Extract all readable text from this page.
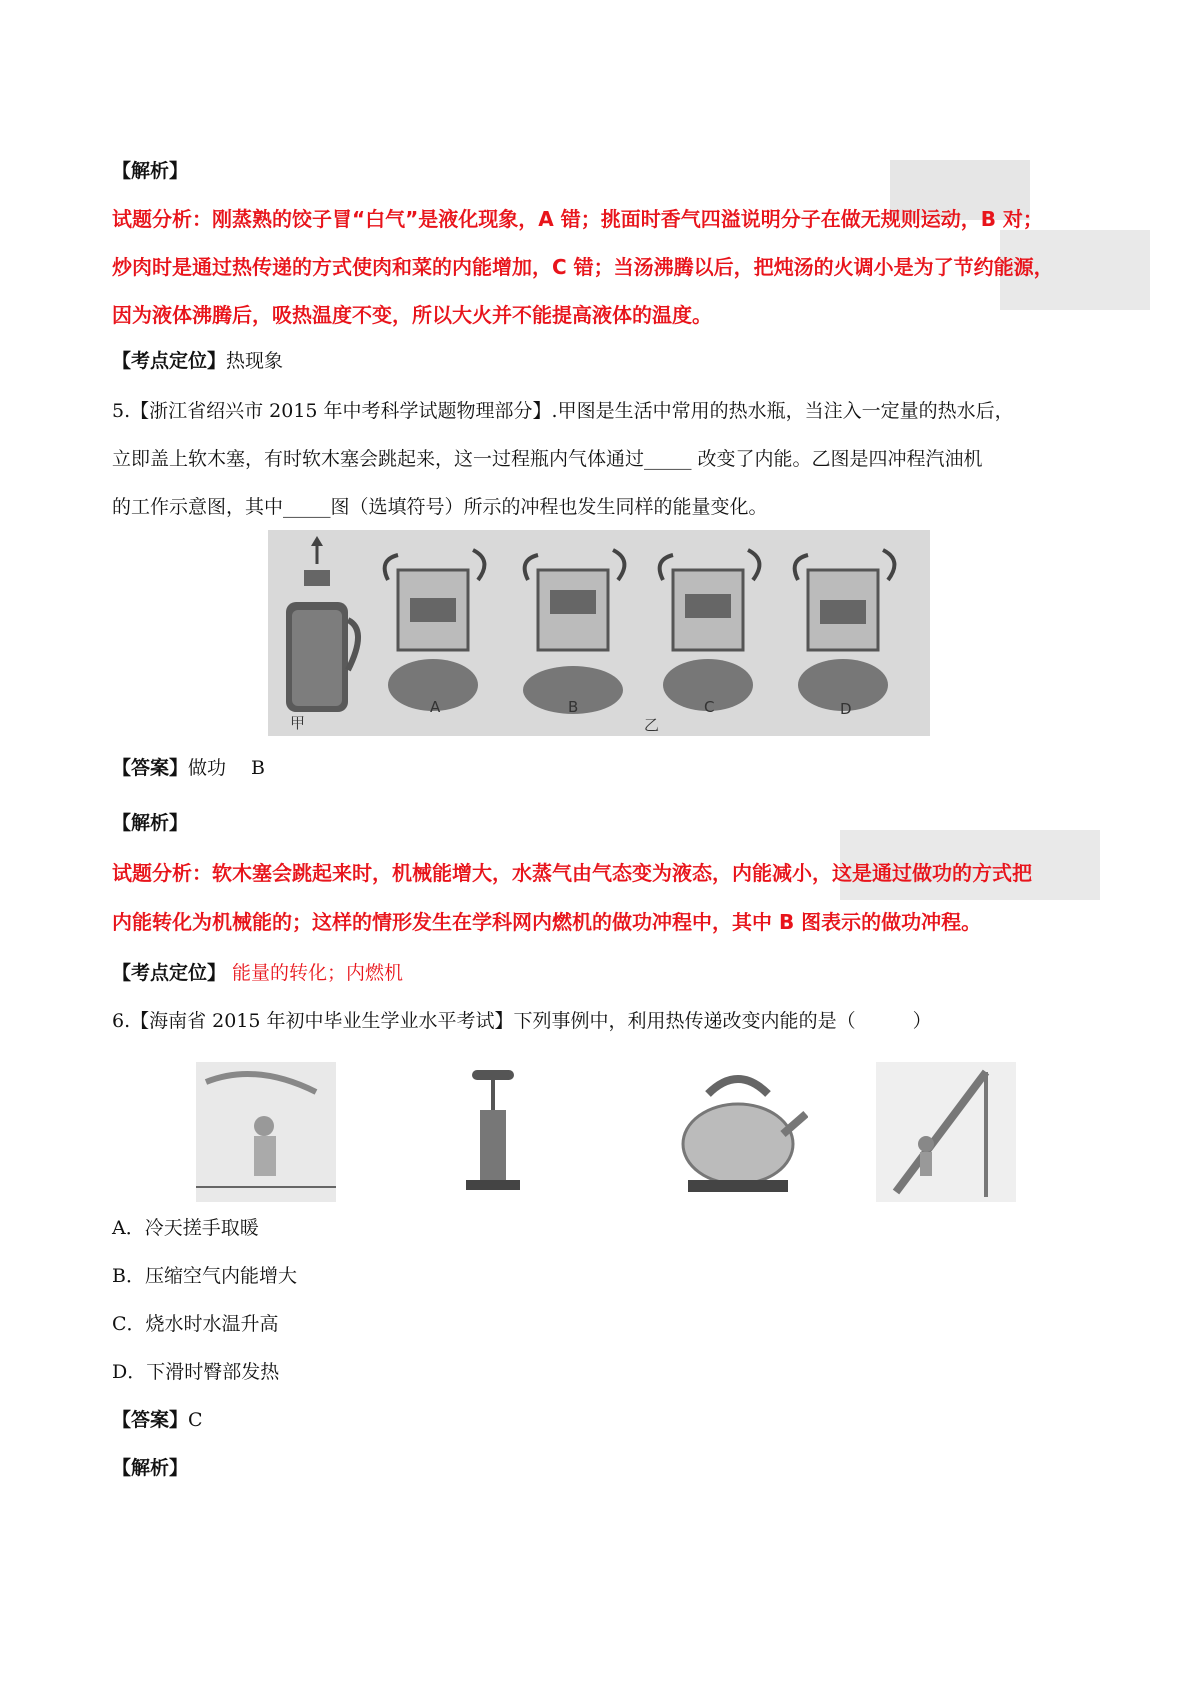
【解析】
试题分析：刚蒸熟的饺子冒“白气”是液化现象，A 错；挑面时香气四溢说明分子在做无规则运动，B 对；
炒肉时是通过热传递的方式使肉和菜的内能增加，C 错；当汤沸腾以后，把炖汤的火调小是为了节约能源，
因为液体沸腾后，吸热温度不变，所以大火并不能提高液体的温度。
【考点定位】热现象
5.【浙江省绍兴市 2015 年中考科学试题物理部分】.甲图是生活中常用的热水瓶，当注入一定量的热水后，
立即盖上软木塞，有时软木塞会跳起来，这一过程瓶内气体通过_____ 改变了内能。乙图是四冲程汽油机
的工作示意图，其中_____图（选填符号）所示的冲程也发生同样的能量变化。
甲
A	B
乙
C	D
【答案】做功　 B
【解析】
试题分析：软木塞会跳起来时，机械能增大，水蒸气由气态变为液态，内能减小，这是通过做功的方式把
内能转化为机械能的；这样的情形发生在学科网内燃机的做功冲程中，其中 B 图表示的做功冲程。
【考点定位】 能量的转化；内燃机
6.【海南省 2015 年初中毕业生学业水平考试】下列事例中，利用热传递改变内能的是（　　　）
A．冷天搓手取暖
B．压缩空气内能增大
C．烧水时水温升高
D．下滑时臀部发热
【答案】C
【解析】
